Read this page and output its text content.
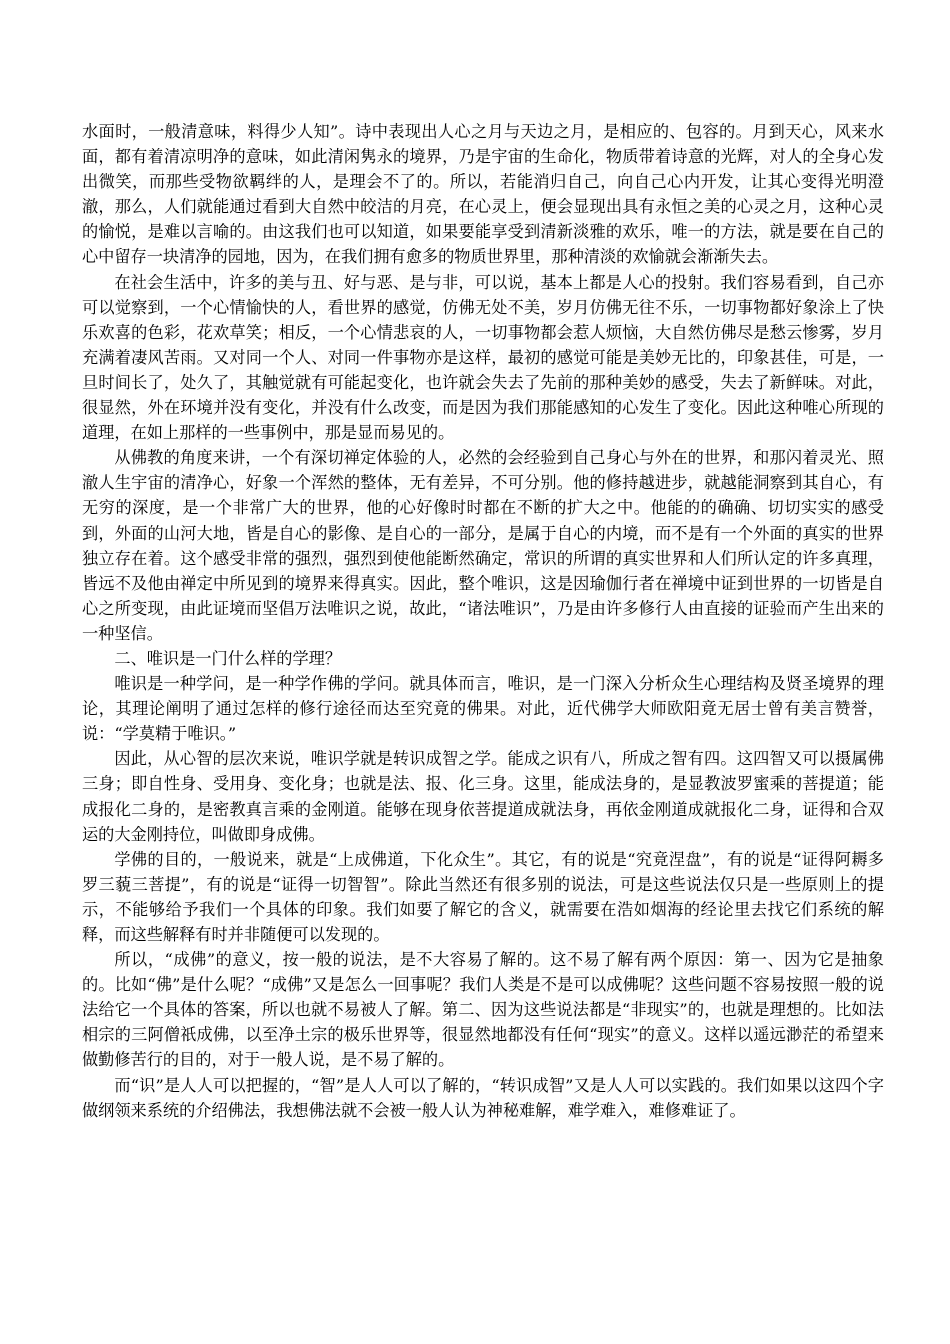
水面时，一般清意味，料得少人知”。诗中表现出人心之月与天边之月，是相应的、包容的。月到天心，风来水面，都有着清凉明净的意味，如此清闲隽永的境界，乃是宇宙的生命化，物质带着诗意的光辉，对人的全身心发出微笑，而那些受物欲羁绊的人，是理会不了的。所以，若能消归自己，向自己心内开发，让其心变得光明澄澈，那么，人们就能通过看到大自然中皎洁的月亮，在心灵上，便会显现出具有永恒之美的心灵之月，这种心灵的愉悦，是难以言喻的。由这我们也可以知道，如果要能享受到清新淡雅的欢乐，唯一的方法，就是要在自己的心中留存一块清净的园地，因为，在我们拥有愈多的物质世界里，那种清淡的欢愉就会渐渐失去。

在社会生活中，许多的美与丑、好与恶、是与非，可以说，基本上都是人心的投射。我们容易看到，自己亦可以觉察到，一个心情愉快的人，看世界的感觉，仿佛无处不美，岁月仿佛无往不乐，一切事物都好象涂上了快乐欢喜的色彩，花欢草笑；相反，一个心情悲哀的人，一切事物都会惹人烦恼，大自然仿佛尽是愁云惨雾，岁月充满着凄风苦雨。又对同一个人、对同一件事物亦是这样，最初的感觉可能是美妙无比的，印象甚佳，可是，一旦时间长了，处久了，其触觉就有可能起变化，也许就会失去了先前的那种美妙的感受，失去了新鲜味。对此，很显然，外在环境并没有变化，并没有什么改变，而是因为我们那能感知的心发生了变化。因此这种唯心所现的道理，在如上那样的一些事例中，那是显而易见的。

从佛教的角度来讲，一个有深切禅定体验的人，必然的会经验到自己身心与外在的世界，和那闪着灵光、照澈人生宇宙的清净心，好象一个浑然的整体，无有差异，不可分别。他的修持越进步，就越能洞察到其自心，有无穷的深度，是一个非常广大的世界，他的心好像时时都在不断的扩大之中。他能的的确确、切切实实的感受到，外面的山河大地，皆是自心的影像、是自心的一部分，是属于自心的内境，而不是有一个外面的真实的世界独立存在着。这个感受非常的强烈，强烈到使他能断然确定，常识的所谓的真实世界和人们所认定的许多真理，皆远不及他由禅定中所见到的境界来得真实。因此，整个唯识，这是因瑜伽行者在禅境中证到世界的一切皆是自心之所变现，由此证境而坚倡万法唯识之说，故此，“诸法唯识”，乃是由许多修行人由直接的证验而产生出来的一种坚信。

二、唯识是一门什么样的学理？

唯识是一种学问，是一种学作佛的学问。就具体而言，唯识，是一门深入分析众生心理结构及贤圣境界的理论，其理论阐明了通过怎样的修行途径而达至究竟的佛果。对此，近代佛学大师欧阳竟无居士曾有美言赞誉，说：“学莫精于唯识。”

因此，从心智的层次来说，唯识学就是转识成智之学。能成之识有八，所成之智有四。这四智又可以摄属佛三身；即自性身、受用身、变化身；也就是法、报、化三身。这里，能成法身的，是显教波罗蜜乘的菩提道；能成报化二身的，是密教真言乘的金刚道。能够在现身依菩提道成就法身，再依金刚道成就报化二身，证得和合双运的大金刚持位，叫做即身成佛。

学佛的目的，一般说来，就是“上成佛道，下化众生”。其它，有的说是“究竟涅盘”，有的说是“证得阿耨多罗三藐三菩提”，有的说是“证得一切智智”。除此当然还有很多别的说法，可是这些说法仅只是一些原则上的提示，不能够给予我们一个具体的印象。我们如要了解它的含义，就需要在浩如烟海的经论里去找它们系统的解释，而这些解释有时并非随便可以发现的。

所以，“成佛”的意义，按一般的说法，是不大容易了解的。这不易了解有两个原因：第一、因为它是抽象的。比如“佛”是什么呢？“成佛”又是怎么一回事呢？我们人类是不是可以成佛呢？这些问题不容易按照一般的说法给它一个具体的答案，所以也就不易被人了解。第二、因为这些说法都是“非现实”的，也就是理想的。比如法相宗的三阿僧祇成佛，以至净土宗的极乐世界等，很显然地都没有任何“现实”的意义。这样以遥远渺茫的希望来做勤修苦行的目的，对于一般人说，是不易了解的。

而“识”是人人可以把握的，“智”是人人可以了解的，“转识成智”又是人人可以实践的。我们如果以这四个字做纲领来系统的介绍佛法，我想佛法就不会被一般人认为神秘难解，难学难入，难修难证了。
